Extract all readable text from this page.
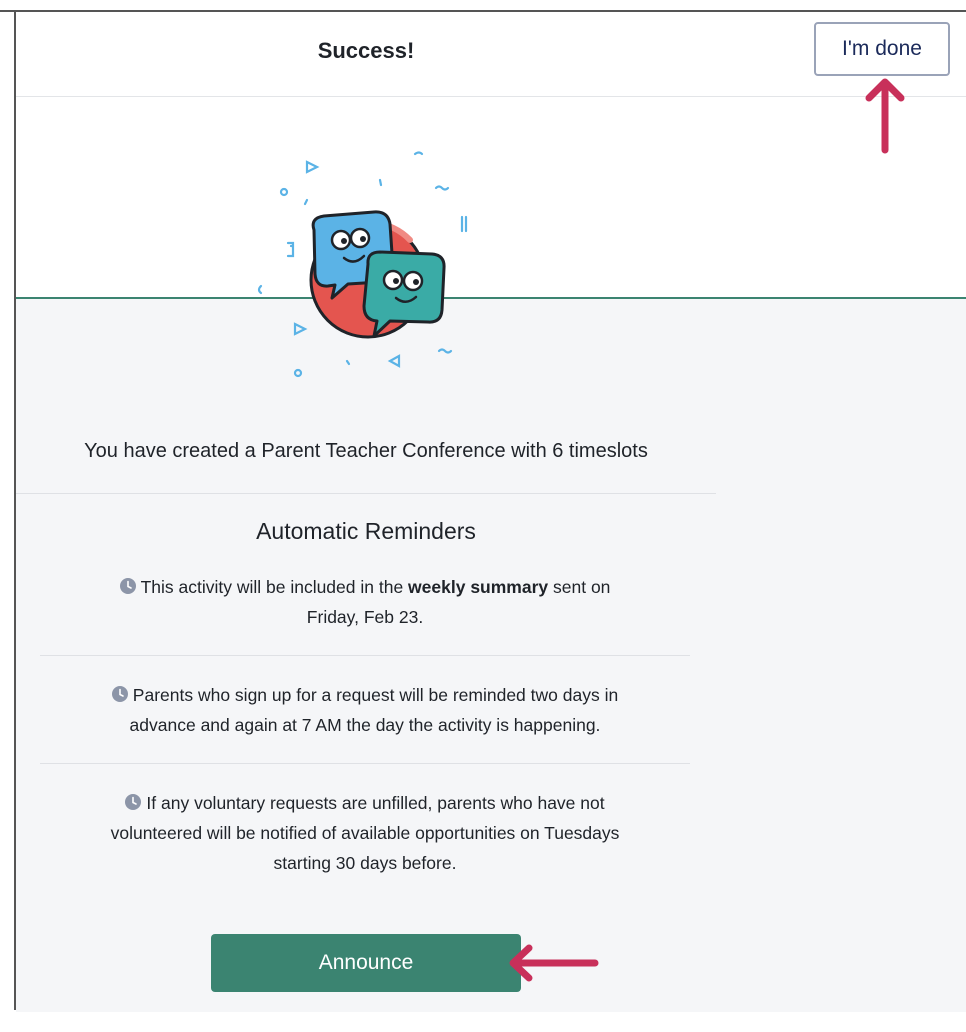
Success!	I'm done
You have created a Parent Teacher Conference with 6 timeslots
Automatic Reminders
This activity will be included in the weekly summary sent on
Friday, Feb 23.
Parents who sign up for a request will be reminded two days in
advance and again at 7 AM the day the activity is happening.
If any voluntary requests are unfilled, parents who have not
volunteered will be notified of available opportunities on Tuesdays
starting 30 days before.
Announce
